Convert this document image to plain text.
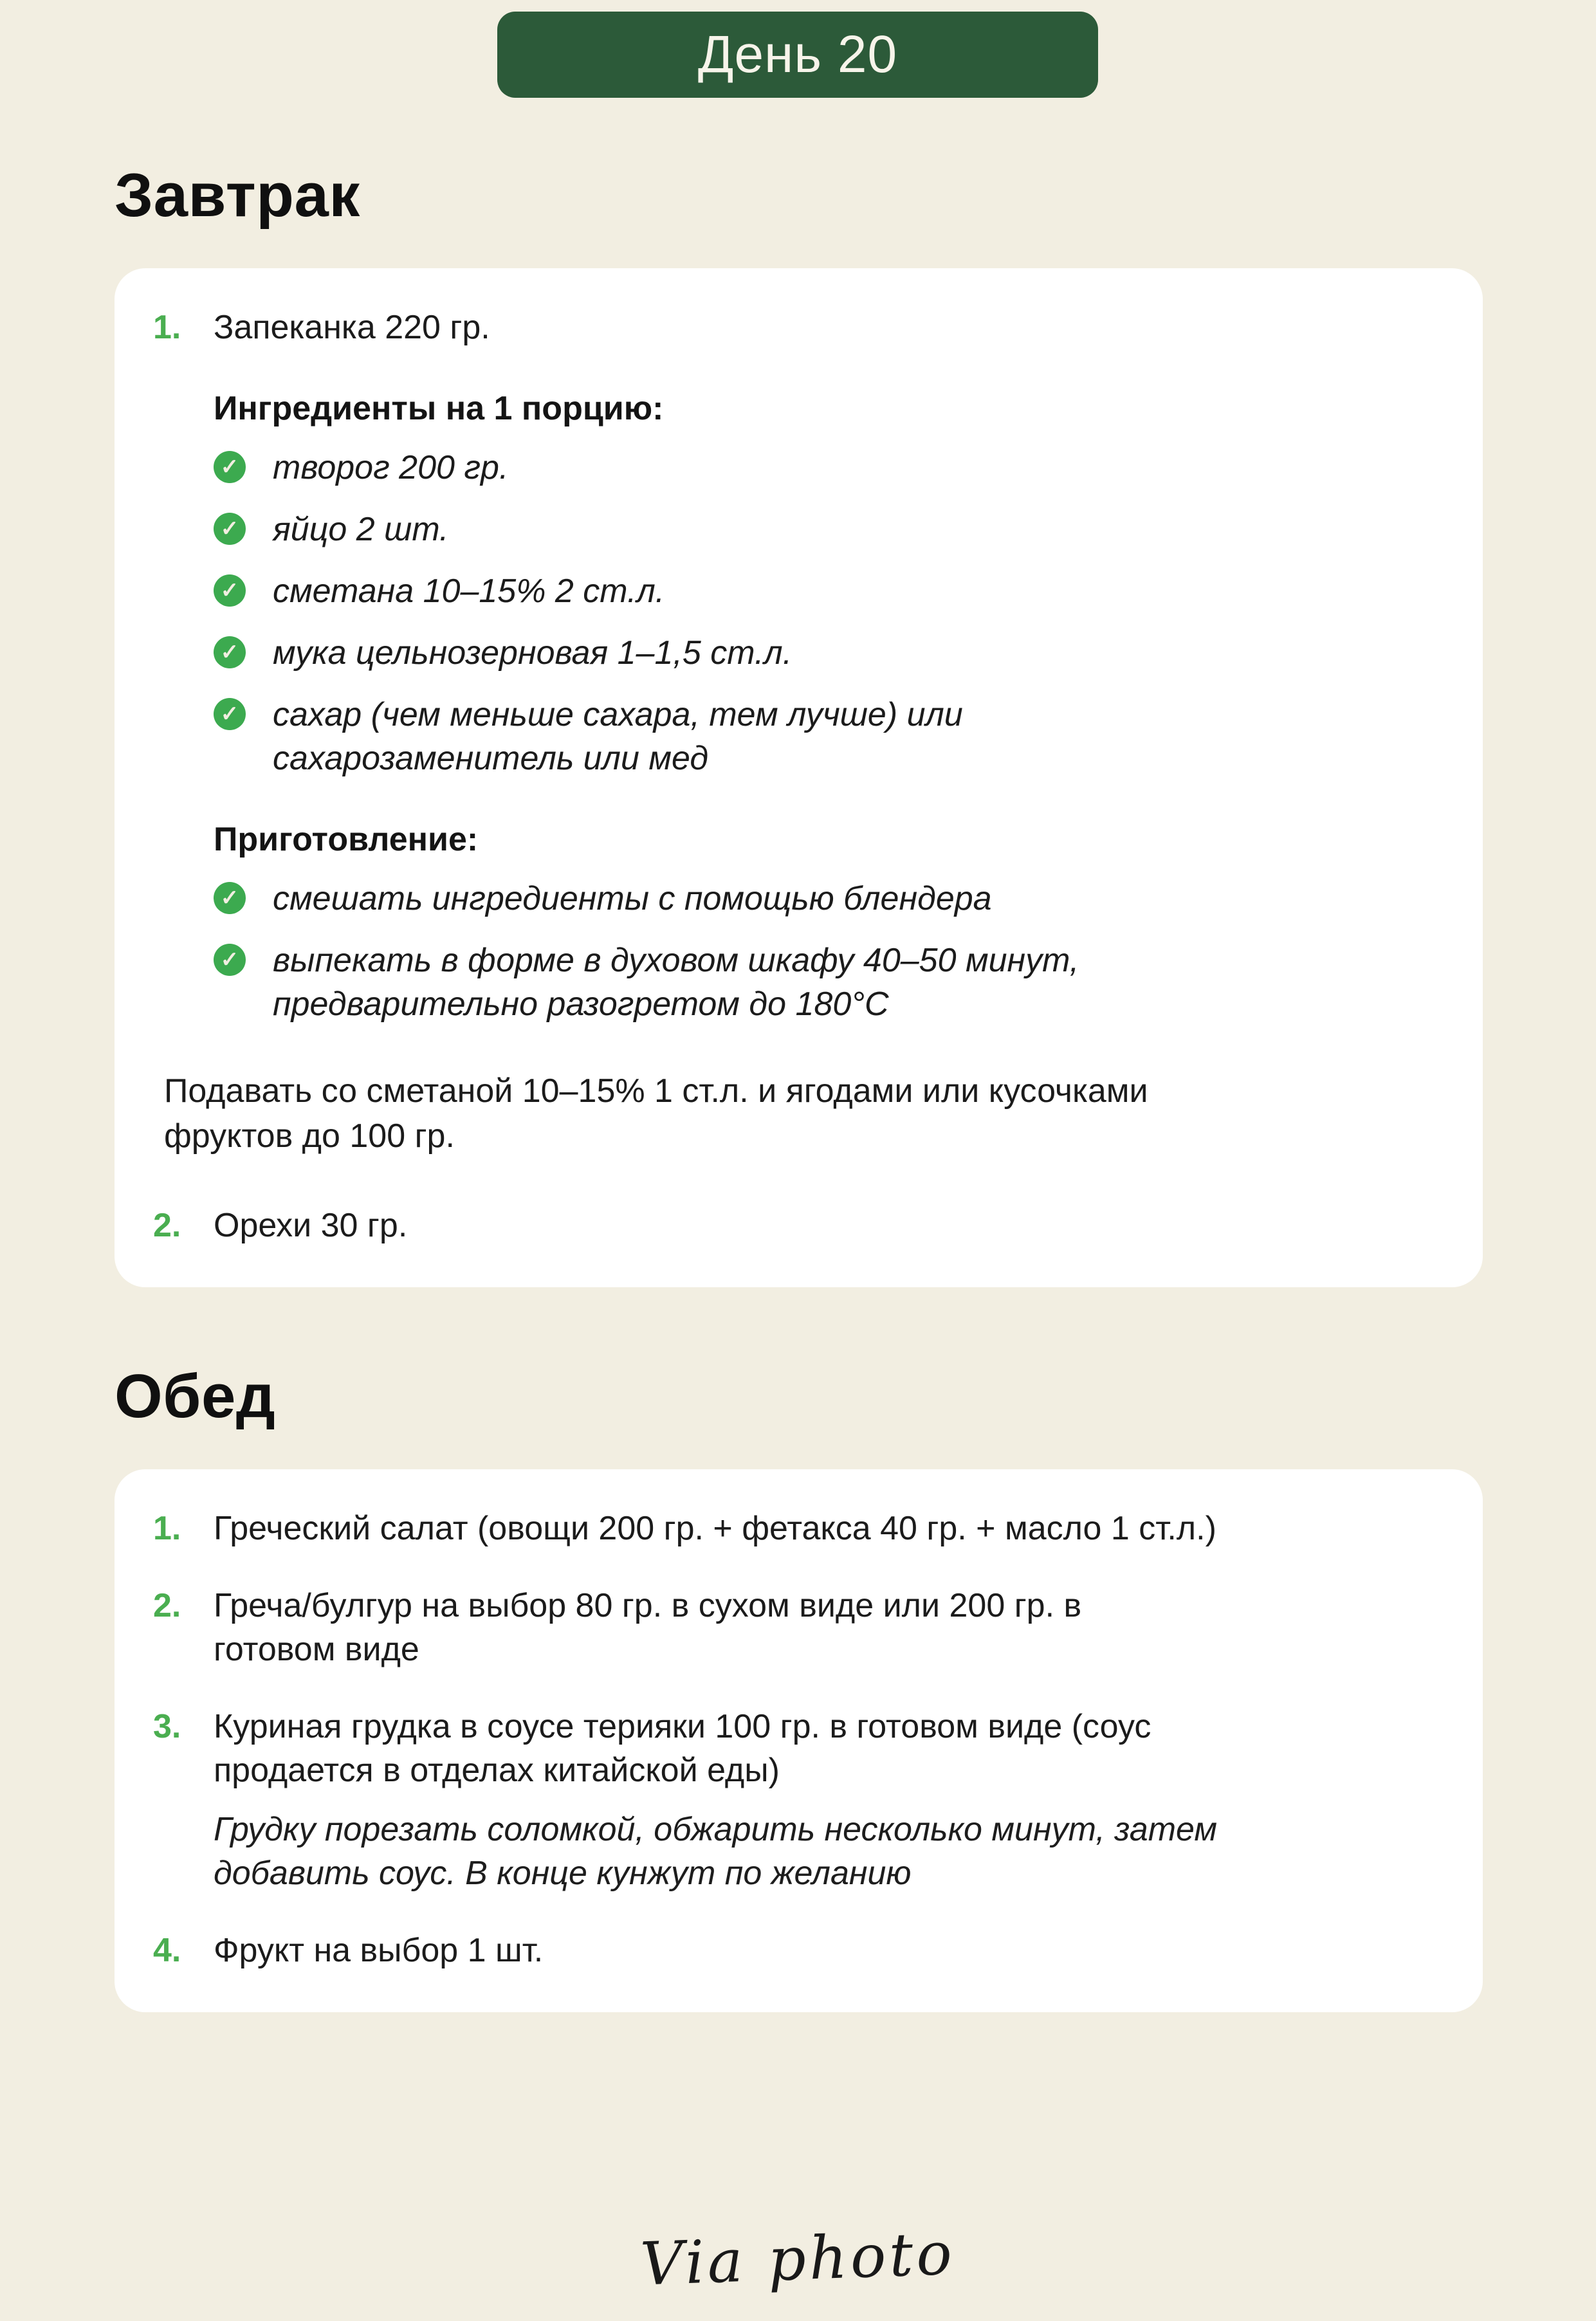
День 20
Завтрак
1. Запеканка 220 гр.
Ингредиенты на 1 порцию:
✓ творог 200 гр.
✓ яйцо 2 шт.
✓ сметана 10–15% 2 ст.л.
✓ мука цельнозерновая 1–1,5 ст.л.
✓ сахар (чем меньше сахара, тем лучше) или сахарозаменитель или мед
Приготовление:
✓ смешать ингредиенты с помощью блендера
✓ выпекать в форме в духовом шкафу 40–50 минут, предварительно разогретом до 180°С

Подавать со сметаной 10–15% 1 ст.л. и ягодами или кусочками фруктов до 100 гр.

2. Орехи 30 гр.
Обед
1. Греческий салат (овощи 200 гр. + фетакса 40 гр. + масло 1 ст.л.)
2. Греча/булгур на выбор 80 гр. в сухом виде или 200 гр. в готовом виде
3. Куриная грудка в соусе терияки 100 гр. в готовом виде (соус продается в отделах китайской еды)
Грудку порезать соломкой, обжарить несколько минут, затем добавить соус. В конце кунжут по желанию
4. Фрукт на выбор 1 шт.
Via photo
